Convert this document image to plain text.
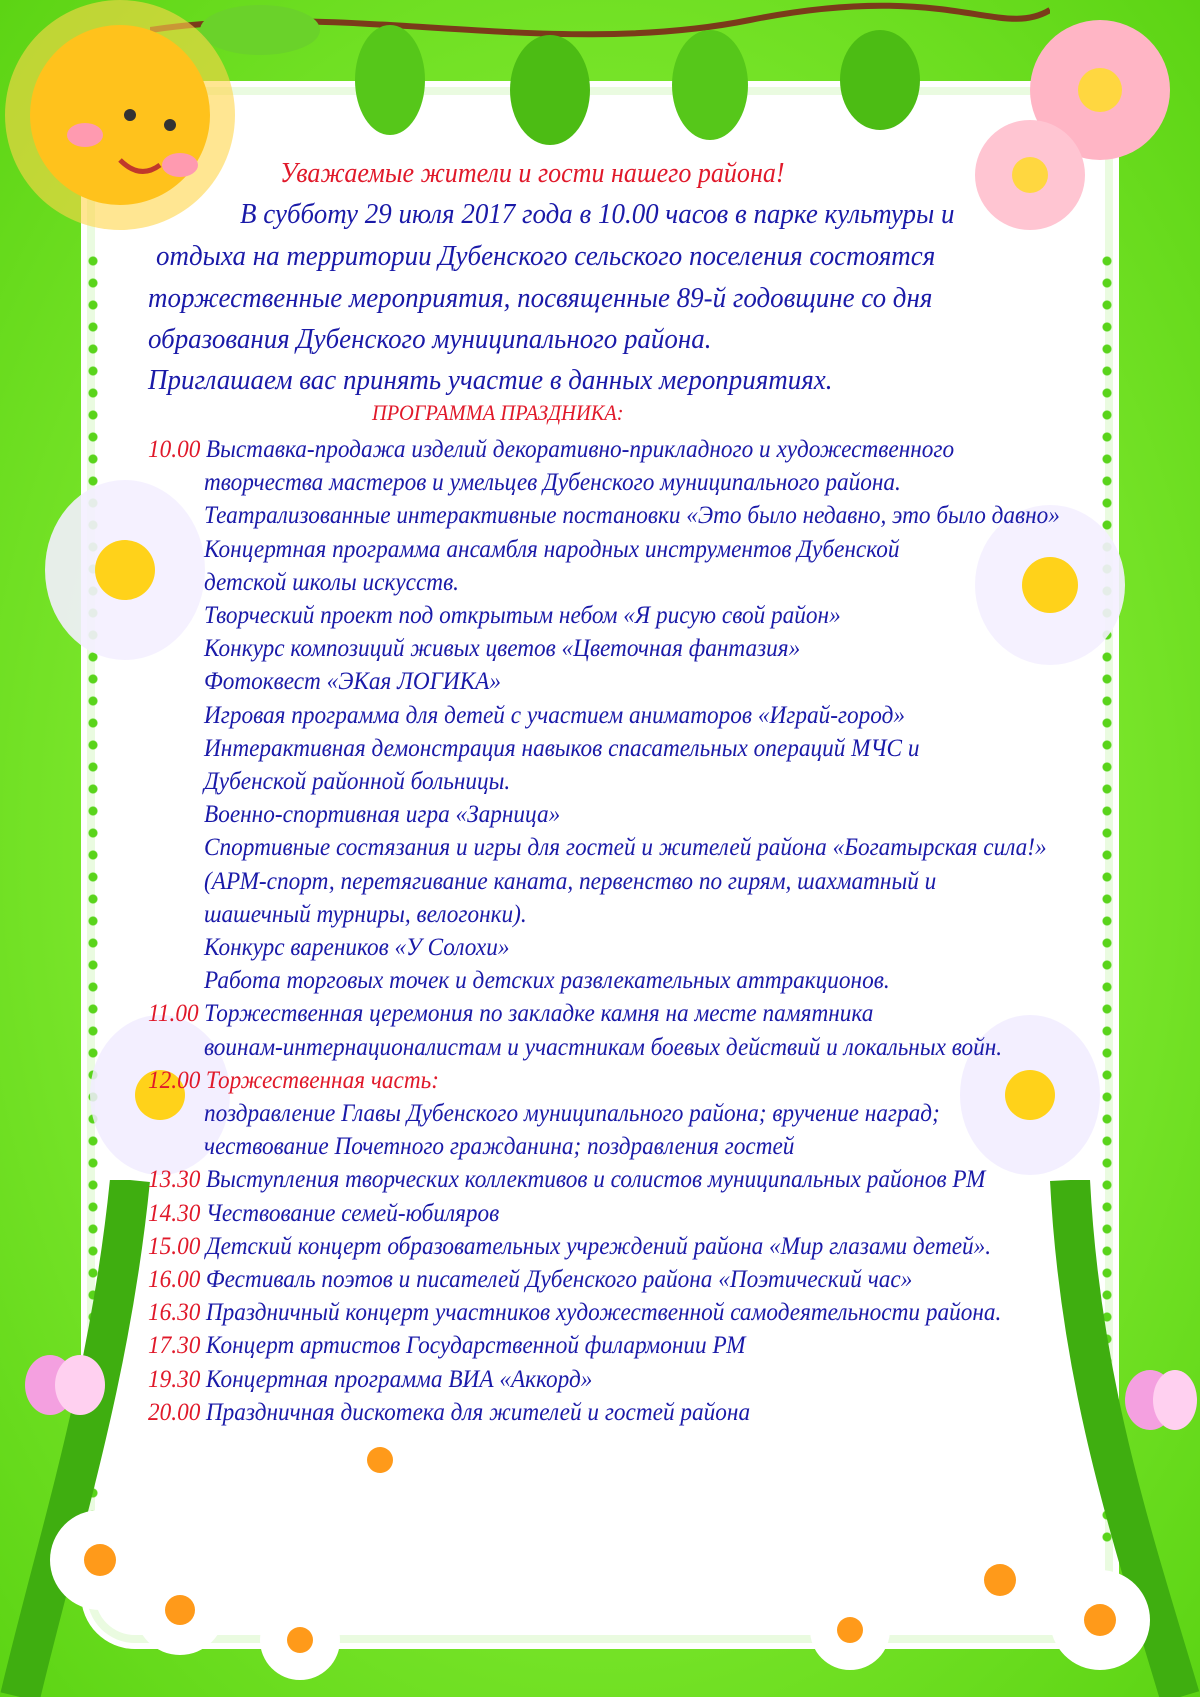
Уважаемые жители и гости нашего района!
В субботу 29 июля 2017 года в 10.00 часов в парке культуры и
отдыха на территории Дубенского сельского поселения состоятся
торжественные мероприятия, посвященные 89-й годовщине со дня
образования Дубенского муниципального района.
Приглашаем вас принять участие в данных мероприятиях.
ПРОГРАММА ПРАЗДНИКА:
10.00 Выставка-продажа изделий декоративно-прикладного и художественного
творчества мастеров и умельцев Дубенского муниципального района.
Театрализованные интерактивные постановки «Это было недавно, это было давно»
Концертная программа ансамбля народных инструментов Дубенской
детской школы искусств.
Творческий проект под открытым небом «Я рисую свой район»
Конкурс композиций живых цветов «Цветочная фантазия»
Фотоквест «ЭКая ЛОГИКА»
Игровая программа для детей с участием аниматоров «Играй-город»
Интерактивная демонстрация навыков спасательных операций МЧС и
Дубенской районной больницы.
Военно-спортивная игра «Зарница»
Спортивные состязания и игры для гостей и жителей района «Богатырская сила!»
(АРМ-спорт, перетягивание каната, первенство по гирям, шахматный и
шашечный турниры, велогонки).
Конкурс вареников «У Солохи»
Работа торговых точек и детских развлекательных аттракционов.
11.00 Торжественная церемония по закладке камня на месте памятника
воинам-интернационалистам и участникам боевых действий и локальных войн.
12.00 Торжественная часть:
поздравление Главы Дубенского муниципального района; вручение наград;
чествование Почетного гражданина; поздравления гостей
13.30 Выступления творческих коллективов и солистов муниципальных районов РМ
14.30 Чествование семей-юбиляров
15.00 Детский концерт образовательных учреждений района «Мир глазами детей».
16.00 Фестиваль поэтов и писателей Дубенского района «Поэтический час»
16.30 Праздничный концерт участников художественной самодеятельности района.
17.30 Концерт артистов Государственной филармонии РМ
19.30 Концертная программа ВИА «Аккорд»
20.00 Праздничная дискотека для жителей и гостей района
